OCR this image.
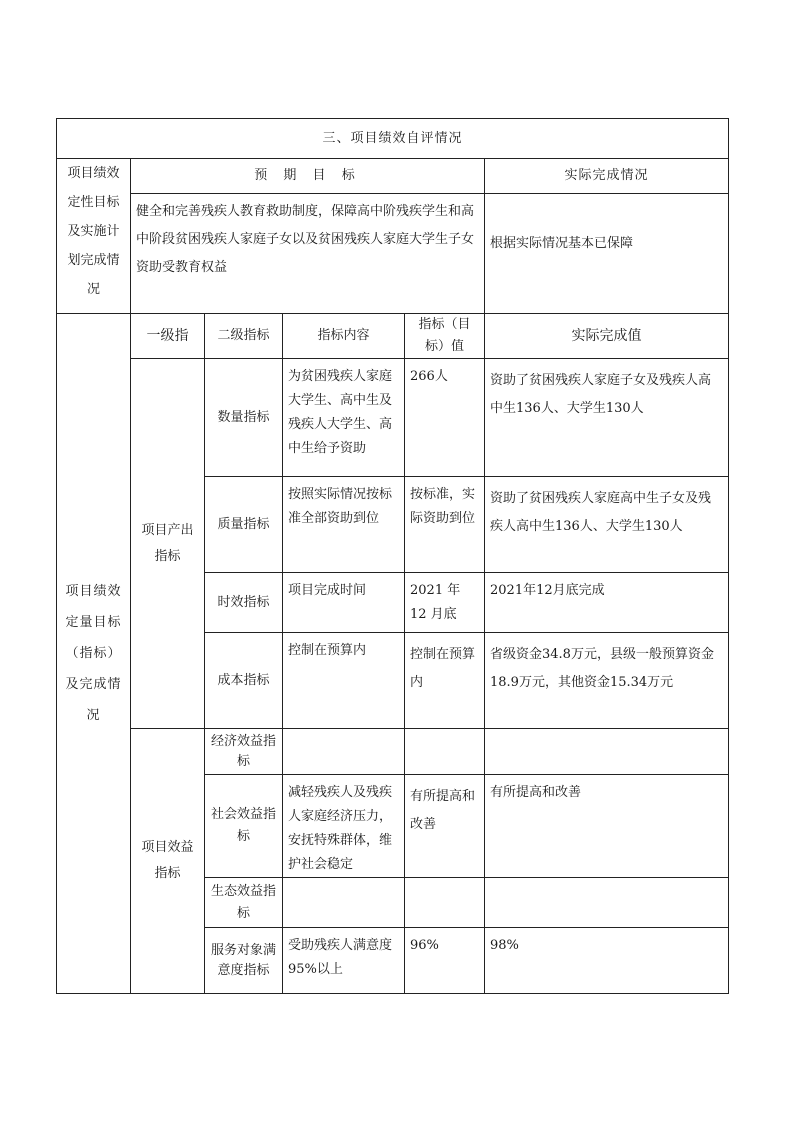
三、项目绩效自评情况					
项目绩效定性目标及实施计划完成情况	预 期 目 标				实际完成情况
	健全和完善残疾人教育救助制度，保障高中阶残疾学生和高中阶段贫困残疾人家庭子女以及贫困残疾人家庭大学生子女资助受教育权益				根据实际情况基本已保障
项目绩效定量目标（指标）及完成情况	一级指	二级指标	指标内容	指标（目标）值	实际完成值
	项目产出指标	数量指标	为贫困残疾人家庭大学生、高中生及残疾人大学生、高中生给予资助	266人	资助了贫困残疾人家庭子女及残疾人高中生136人、大学生130人
		质量指标	按照实际情况按标准全部资助到位	按标准，实际资助到位	资助了贫困残疾人家庭高中生子女及残疾人高中生136人、大学生130人
		时效指标	项目完成时间	2021 年 12 月底	2021年12月底完成
		成本指标	控制在预算内	控制在预算内	省级资金34.8万元，县级一般预算资金18.9万元，其他资金15.34万元
	项目效益指标	经济效益指标			
		社会效益指标	减轻残疾人及残疾人家庭经济压力，安抚特殊群体，维护社会稳定	有所提高和改善	有所提高和改善
		生态效益指标			
		服务对象满意度指标	受助残疾人满意度95%以上	96%	98%
